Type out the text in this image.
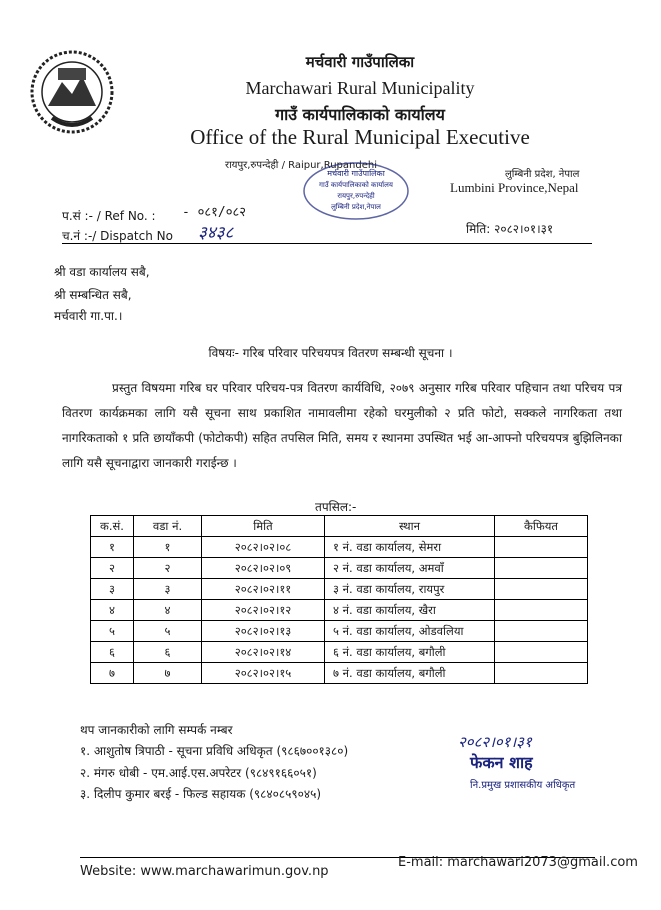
मर्चवारी गाउँपालिका
Marchawari Rural Municipality
गाउँ कार्यपालिकाको कार्यालय
Office of the Rural Municipal Executive
रायपुर,रुपन्देही / Raipur,Rupandehi
लुम्बिनी प्रदेश, नेपाल
Lumbini Province,Nepal
मर्चवारी गाउँपालिका
गाउँ कार्यपालिकाको कार्यालय
रायपुर,रुपन्देही
लुम्बिनी प्रदेश,नेपाल
प.सं :- / Ref No. : - ०८१/०८२
च.नं :-/ Dispatch No ३४३८	मिति: २०८२।०१।३१
श्री वडा कार्यालय सबै,
श्री सम्बन्धित सबै,
मर्चवारी गा.पा.।
विषयः- गरिब परिवार परिचयपत्र वितरण सम्बन्धी सूचना ।
प्रस्तुत विषयमा गरिब घर परिवार परिचय-पत्र वितरण कार्यविधि, २०७९ अनुसार गरिब परिवार पहिचान तथा परिचय पत्र वितरण कार्यक्रमका लागि यसै सूचना साथ प्रकाशित नामावलीमा रहेको घरमुलीको २ प्रति फोटो, सक्कले नागरिकता तथा नागरिकताको १ प्रति छायाँकपी (फोटोकपी) सहित तपसिल मिति, समय र स्थानमा उपस्थित भई आ-आफ्नो परिचयपत्र बुझिलिनका लागि यसै सूचनाद्वारा जानकारी गराईन्छ ।
तपसिल:-
क.सं.	वडा नं.	मिति	स्थान	कैफियत
१	१	२०८२।०२।०८	१ नं. वडा कार्यालय, सेमरा	
२	२	२०८२।०२।०९	२ नं. वडा कार्यालय, अमवाँ	
३	३	२०८२।०२।११	३ नं. वडा कार्यालय, रायपुर	
४	४	२०८२।०२।१२	४ नं. वडा कार्यालय, खैरा	
५	५	२०८२।०२।१३	५ नं. वडा कार्यालय, ओडवलिया	
६	६	२०८२।०२।१४	६ नं. वडा कार्यालय, बगौली	
७	७	२०८२।०२।१५	७ नं. वडा कार्यालय, बगौली	
थप जानकारीको लागि सम्पर्क नम्बर
१. आशुतोष त्रिपाठी - सूचना प्रविधि अधिकृत (९८६७००१३८०)
२. मंगरु धोबी - एम.आई.एस.अपरेटर (९८४९१६६०५१)
३. दिलीप कुमार बरई - फिल्ड सहायक (९८४०८५९०४५)
२०८२।०१।३१
फेकन शाह
नि.प्रमुख प्रशासकीय अधिकृत
Website: www.marchawarimun.gov.np
E-mail: marchawari2073@gmail.com
